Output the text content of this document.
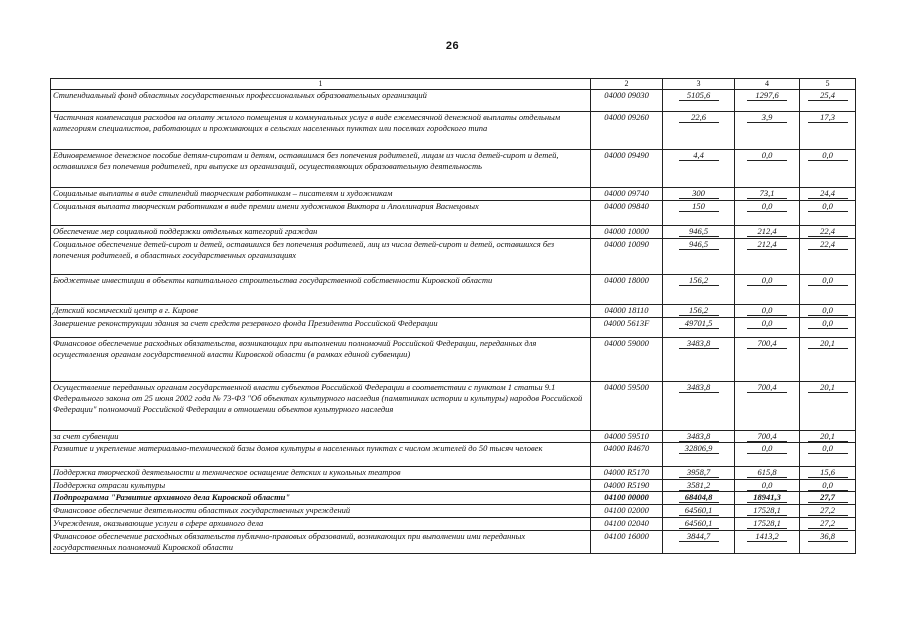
26
1	2	3	4	5
Стипендиальный фонд областных государственных профессиональных образовательных организаций	04000 09030	5105,6	1297,6	25,4
Частичная компенсация расходов на оплату жилого помещения и коммунальных услуг в виде ежемесячной денежной выплаты отдельным категориям специалистов, работающих и проживающих в сельских населенных пунктах или поселках городского типа	04000 09260	22,6	3,9	17,3
Единовременное денежное пособие детям-сиротам и детям, оставшимся без попечения родителей, лицам из числа детей-сирот и детей, оставшихся без попечения родителей, при выпуске из организаций, осуществляющих образовательную деятельность	04000 09490	4,4	0,0	0,0
Социальные выплаты в виде стипендий творческим работникам – писателям и художникам	04000 09740	300	73,1	24,4
Социальная выплата творческим работникам в виде премии имени художников Виктора и Аполлинария Васнецовых	04000 09840	150	0,0	0,0
Обеспечение мер социальной поддержки отдельных категорий граждан	04000 10000	946,5	212,4	22,4
Социальное обеспечение детей-сирот и детей, оставшихся без попечения родителей, лиц из числа детей-сирот и детей, оставшихся без попечения родителей, в областных государственных организациях	04000 10090	946,5	212,4	22,4
Бюджетные инвестиции в объекты капитального строительства государственной собственности Кировской области	04000 18000	156,2	0,0	0,0
Детский космический центр в г. Кирове	04000 18110	156,2	0,0	0,0
Завершение реконструкции здания за счет средств резервного фонда Президента Российской Федерации	04000 5613F	49701,5	0,0	0,0
Финансовое обеспечение расходных обязательств, возникающих при выполнении полномочий Российской Федерации, переданных для осуществления органам государственной власти Кировской области (в рамках единой субвенции)	04000 59000	3483,8	700,4	20,1
Осуществление переданных органам государственной власти субъектов Российской Федерации в соответствии с пунктом 1 статьи 9.1 Федерального закона от 25 июня 2002 года № 73-ФЗ "Об объектах культурного наследия (памятниках истории и культуры) народов Российской Федерации" полномочий Российской Федерации в отношении объектов культурного наследия	04000 59500	3483,8	700,4	20,1
за счет субвенции	04000 59510	3483,8	700,4	20,1
Развитие и укрепление материально-технической базы домов культуры в населенных пунктах с числом жителей до 50 тысяч человек	04000 R4670	32806,9	0,0	0,0
Поддержка творческой деятельности и техническое оснащение детских и кукольных театров	04000 R5170	3958,7	615,8	15,6
Поддержка отрасли культуры	04000 R5190	3581,2	0,0	0,0
Подпрограмма "Развитие архивного дела Кировской области"	04100 00000	68404,8	18941,3	27,7
Финансовое обеспечение деятельности областных государственных учреждений	04100 02000	64560,1	17528,1	27,2
Учреждения, оказывающие услуги в сфере архивного дела	04100 02040	64560,1	17528,1	27,2
Финансовое обеспечение расходных обязательств публично-правовых образований, возникающих при выполнении ими переданных государственных полномочий Кировской области	04100 16000	3844,7	1413,2	36,8
